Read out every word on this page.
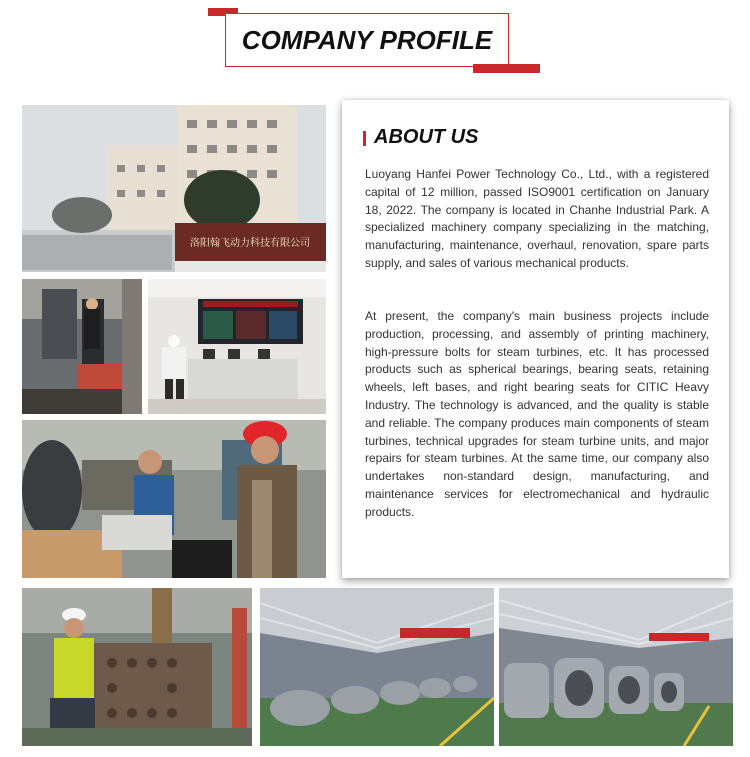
COMPANY PROFILE
洛阳翰飞动力科技有限公司
ABOUT US

Luoyang Hanfei Power Technology Co., Ltd., with a registered capital of 12 million, passed ISO9001 certification on January 18, 2022. The company is located in Chanhe Industrial Park. A specialized machinery company specializing in the matching, manufacturing, maintenance, overhaul, renovation, spare parts supply, and sales of various mechanical products.

At present, the company's main business projects include production, processing, and assembly of printing machinery, high-pressure bolts for steam turbines, etc. It has processed products such as spherical bearings, bearing seats, retaining wheels, left bases, and right bearing seats for CITIC Heavy Industry. The technology is advanced, and the quality is stable and reliable. The company produces main components of steam turbines, technical upgrades for steam turbine units, and major repairs for steam turbines. At the same time, our company also undertakes non-standard design, manufacturing, and maintenance services for electromechanical and hydraulic products.
